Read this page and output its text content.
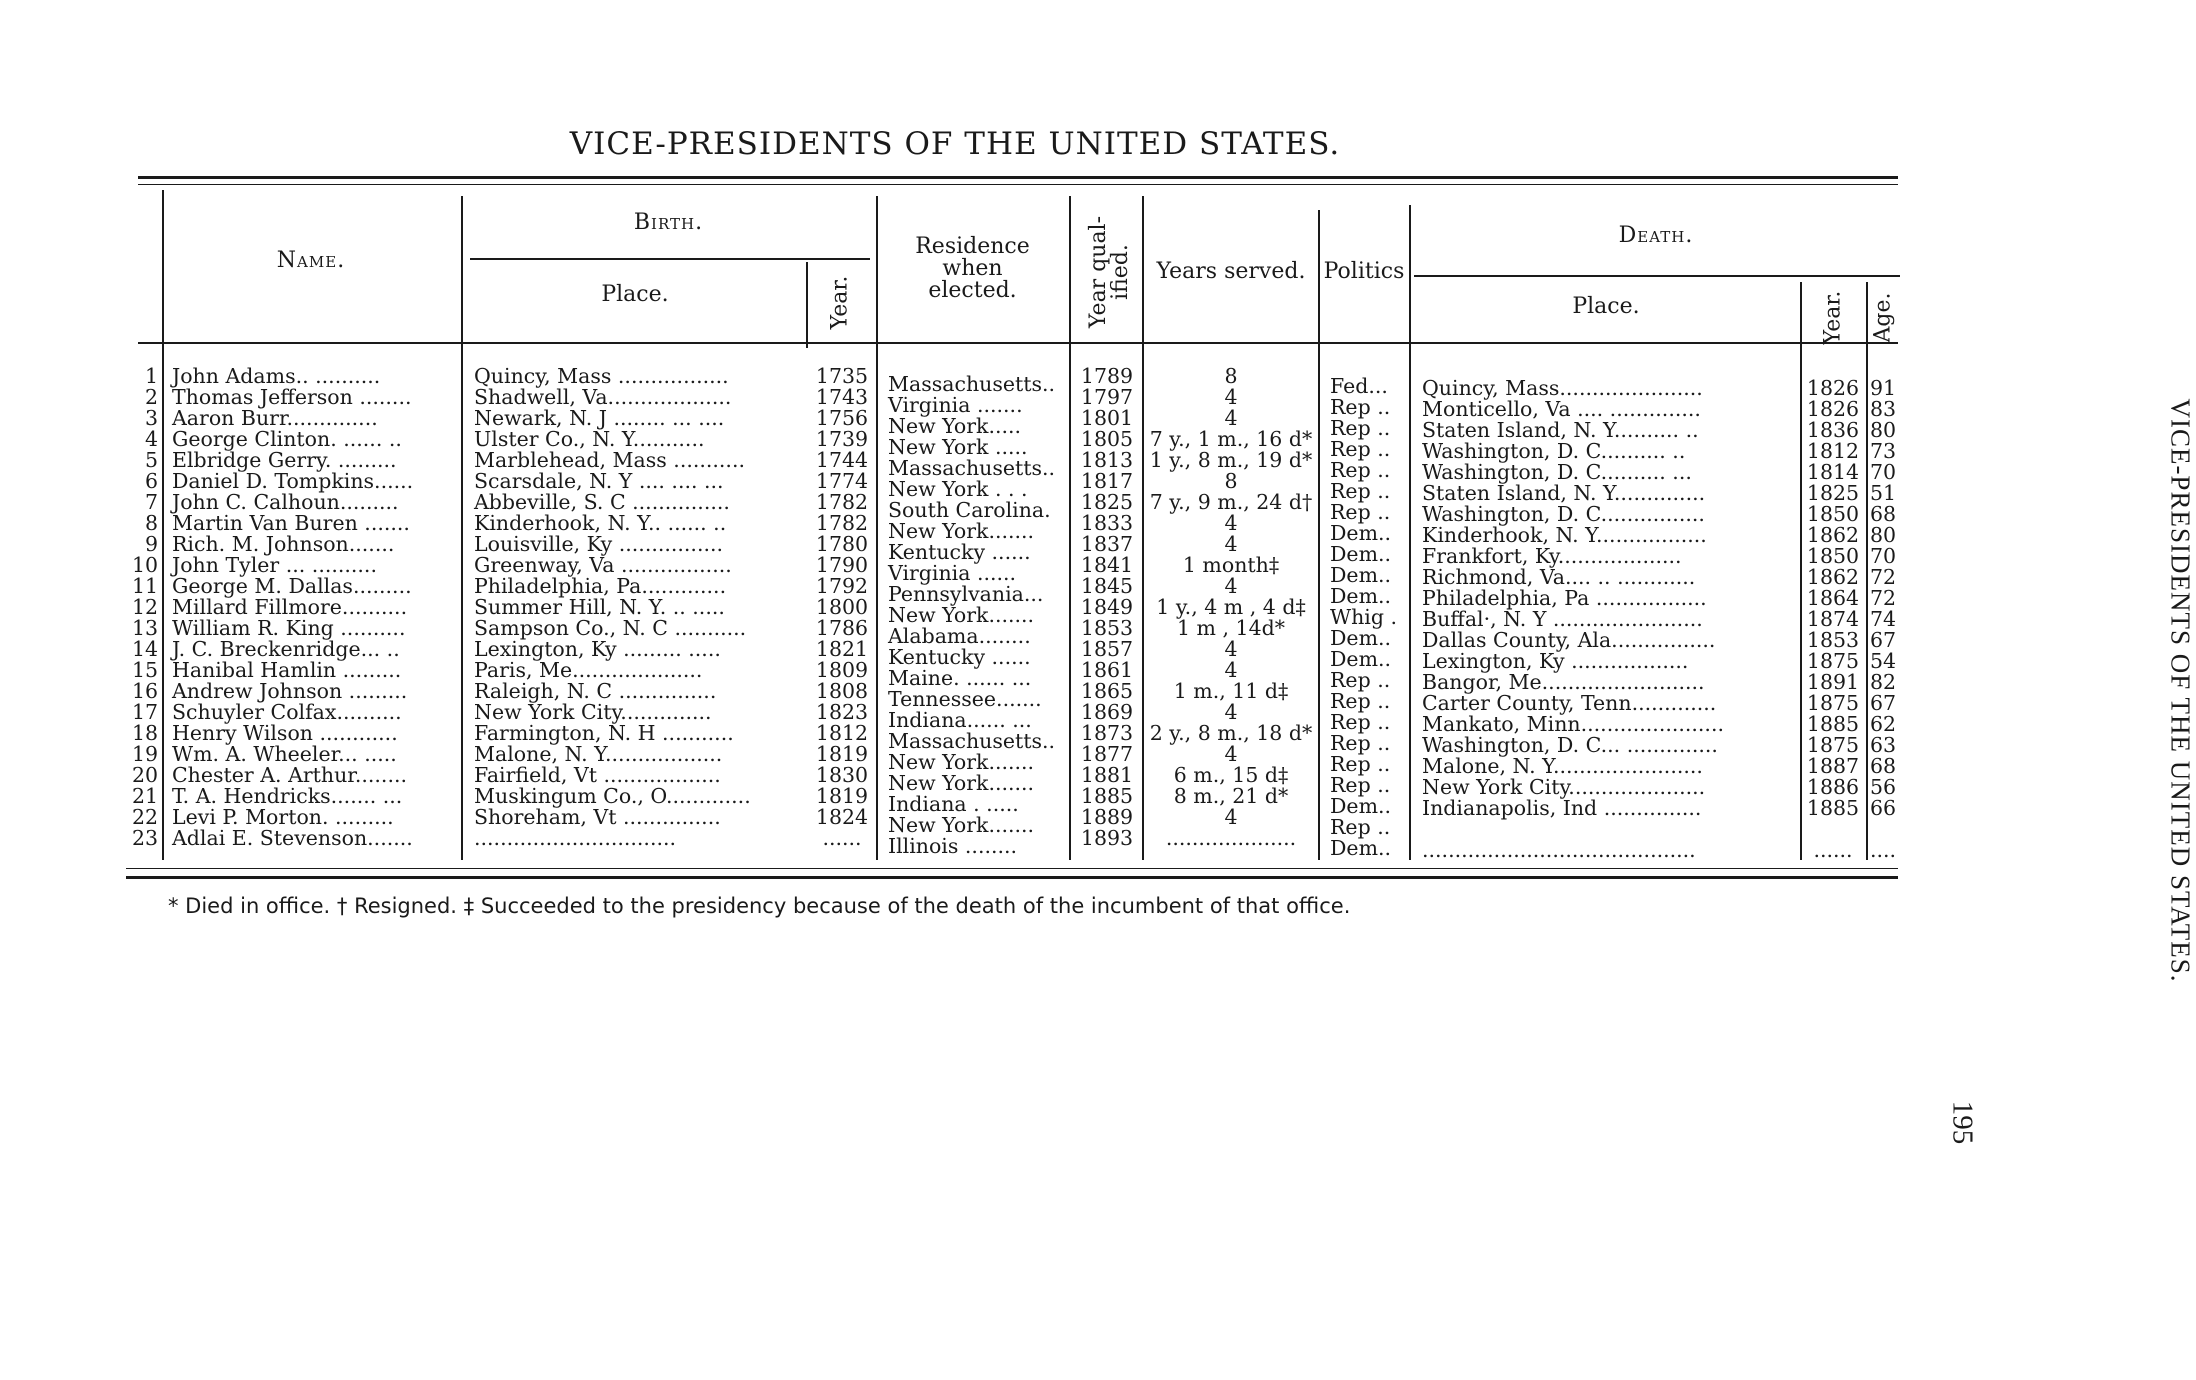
VICE-PRESIDENTS OF THE UNITED STATES.
Name.
Birth.
Place.	Year.
Residence
when
elected.	Year qual-
ified.	Years served. Politics
Death.
Place.	Year. Age.
1 John Adams.. ..........	Quincy, Mass .................	1735 Massachusetts..	1789	8	Fed...	Quincy, Mass......................	1826 91
2 Thomas Jefferson ........	Shadwell, Va...................	1743 Virginia .......	1797	4	Rep ..	Monticello, Va .... ..............	1826 83
3 Aaron Burr..............	Newark, N. J ........ ... ....	1756 New York.....	1801	4	Rep ..	Staten Island, N. Y.......... ..	1836 80
4 George Clinton. ...... ..	Ulster Co., N. Y...........	1739 New York .....	1805 7 y., 1 m., 16 d* Rep ..	Washington, D. C.......... ..	1812 73
5 Elbridge Gerry. .........	Marblehead, Mass ...........	1744 Massachusetts..	1813 1 y., 8 m., 19 d* Rep ..	Washington, D. C.......... ...	1814 70
6 Daniel D. Tompkins......	Scarsdale, N. Y .... .... ...	1774 New York . . .	1817	8	Rep ..	Staten Island, N. Y..............	1825 51
7 John C. Calhoun.........	Abbeville, S. C ...............	1782 South Carolina.	1825 7 y., 9 m., 24 d† Rep ..	Washington, D. C................	1850 68
8 Martin Van Buren .......	Kinderhook, N. Y.. ...... ..	1782 New York.......	1833	4	Dem..	Kinderhook, N. Y.................	1862 80
9 Rich. M. Johnson.......	Louisville, Ky ................	1780 Kentucky ......	1837	4	Dem..	Frankfort, Ky...................	1850 70
10 John Tyler ... ..........	Greenway, Va .................	1790 Virginia ......	1841	1 month‡	Dem..	Richmond, Va.... .. ............	1862 72
11 George M. Dallas.........	Philadelphia, Pa.............	1792 Pennsylvania...	1845	4	Dem..	Philadelphia, Pa .................	1864 72
12 Millard Fillmore..........	Summer Hill, N. Y. .. .....	1800 New York.......	1849	1 y., 4 m , 4 d‡	Whig .	Buffal·, N. Y .......................	1874 74
13 William R. King ..........	Sampson Co., N. C ...........	1786 Alabama........	1853	1 m , 14d*	Dem..	Dallas County, Ala................	1853 67
14 J. C. Breckenridge... ..	Lexington, Ky ......... .....	1821 Kentucky ......	1857	4	Dem..	Lexington, Ky ..................	1875 54
15 Hanibal Hamlin .........	Paris, Me....................	1809 Maine. ...... ...	1861	4	Rep ..	Bangor, Me.........................	1891 82
16 Andrew Johnson .........	Raleigh, N. C ...............	1808 Tennessee.......	1865	1 m., 11 d‡	Rep ..	Carter County, Tenn.............	1875 67
17 Schuyler Colfax..........	New York City..............	1823 Indiana...... ...	1869	4	Rep ..	Mankato, Minn......................	1885 62
18 Henry Wilson ............	Farmington, N. H ...........	1812 Massachusetts..	1873 2 y., 8 m., 18 d* Rep ..	Washington, D. C... ..............	1875 63
19 Wm. A. Wheeler... .....	Malone, N. Y..................	1819 New York.......	1877	4	Rep ..	Malone, N. Y.......................	1887 68
20 Chester A. Arthur........	Fairfield, Vt ..................	1830 New York.......	1881	6 m., 15 d‡	Rep ..	New York City.....................	1886 56
21 T. A. Hendricks....... ...	Muskingum Co., O.............	1819 Indiana . .....	1885	8 m., 21 d*	Dem..	Indianapolis, Ind ...............	1885 66
22 Levi P. Morton. .........	Shoreham, Vt ...............	1824 New York.......	1889	4	Rep ..
23 Adlai E. Stevenson.......	...............................	......	Illinois ........	1893	....................	Dem..	..........................................	...... ....
* Died in office. † Resigned. ‡ Succeeded to the presidency because of the death of the incumbent of that office.	VICE-PRESIDENTS OF THE UNITED STATES.
195
